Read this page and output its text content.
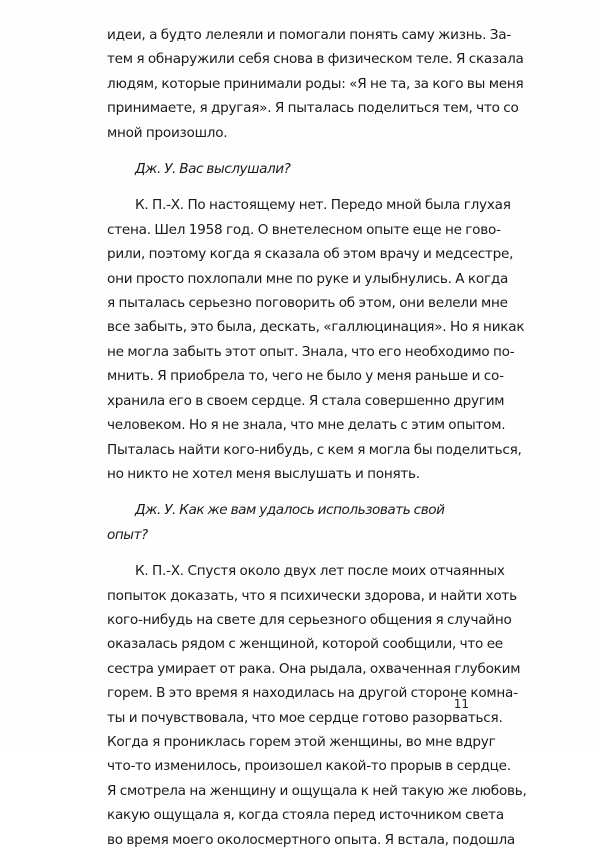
идеи, а будто лелеяли и помогали понять саму жизнь. За-
тем я обнаружили себя снова в физическом теле. Я сказала
людям, которые принимали роды: «Я не та, за кого вы меня
принимаете, я другая». Я пыталась поделиться тем, что со
мной произошло.

Дж. У. Вас выслушали?

К. П.-Х. По настоящему нет. Передо мной была глухая
стена. Шел 1958 год. О внетелесном опыте еще не гово-
рили, поэтому когда я сказала об этом врачу и медсестре,
они просто похлопали мне по руке и улыбнулись. А когда
я пыталась серьезно поговорить об этом, они велели мне
все забыть, это была, дескать, «галлюцинация». Но я никак
не могла забыть этот опыт. Знала, что его необходимо по-
мнить. Я приобрела то, чего не было у меня раньше и со-
хранила его в своем сердце. Я стала совершенно другим
человеком. Но я не знала, что мне делать с этим опытом.
Пыталась найти кого-нибудь, с кем я могла бы поделиться,
но никто не хотел меня выслушать и понять.

Дж. У. Как же вам удалось использовать свой опыт?

К. П.-Х. Спустя около двух лет после моих отчаянных
попыток доказать, что я психически здорова, и найти хоть
кого-нибудь на свете для серьезного общения я случайно
оказалась рядом с женщиной, которой сообщили, что ее
сестра умирает от рака. Она рыдала, охваченная глубоким
горем. В это время я находилась на другой стороне комна-
ты и почувствовала, что мое сердце готово разорваться.
Когда я прониклась горем этой женщины, во мне вдруг
что-то изменилось, произошел какой-то прорыв в сердце.
Я смотрела на женщину и ощущала к ней такую же любовь,
какую ощущала я, когда стояла перед источником света
во время моего околосмертного опыта. Я встала, подошла

11
